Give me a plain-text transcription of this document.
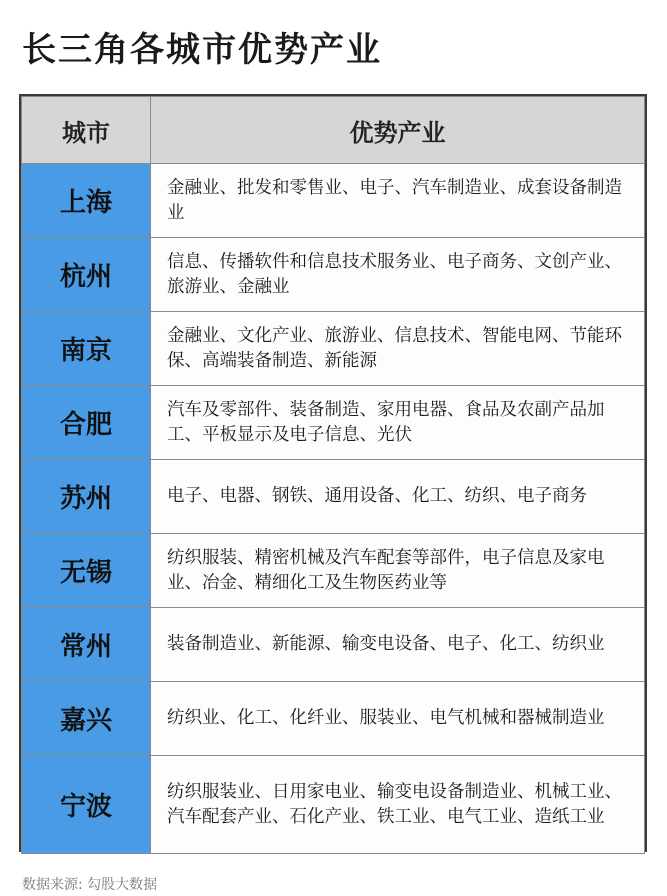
长三角各城市优势产业
城市	优势产业
上海	金融业、批发和零售业、电子、汽车制造业、成套设备制造业
杭州	信息、传播软件和信息技术服务业、电子商务、文创产业、旅游业、金融业
南京	金融业、文化产业、旅游业、信息技术、智能电网、节能环保、高端装备制造、新能源
合肥	汽车及零部件、装备制造、家用电器、食品及农副产品加工、平板显示及电子信息、光伏
苏州	电子、电器、钢铁、通用设备、化工、纺织、电子商务
无锡	纺织服装、精密机械及汽车配套等部件，电子信息及家电业、冶金、精细化工及生物医药业等
常州	装备制造业、新能源、输变电设备、电子、化工、纺织业
嘉兴	纺织业、化工、化纤业、服装业、电气机械和器械制造业
宁波	纺织服装业、日用家电业、输变电设备制造业、机械工业、汽车配套产业、石化产业、铁工业、电气工业、造纸工业
数据来源: 勾股大数据
